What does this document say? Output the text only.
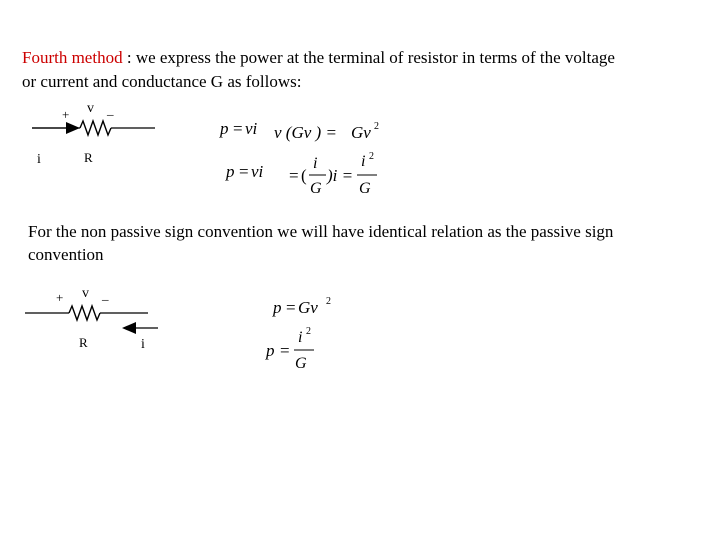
Fourth method : we express the power at the terminal of resistor in terms of the voltage
or current and conductance G as follows:
+ v _
i	R
p = vi v (Gv ) = Gv 2
p = vi = (
i
G
)i =
i 2
G
+ v _
R	i
p = Gv 2
p =
i 2
G
For the non passive sign convention we will have identical relation as the passive sign
convention
